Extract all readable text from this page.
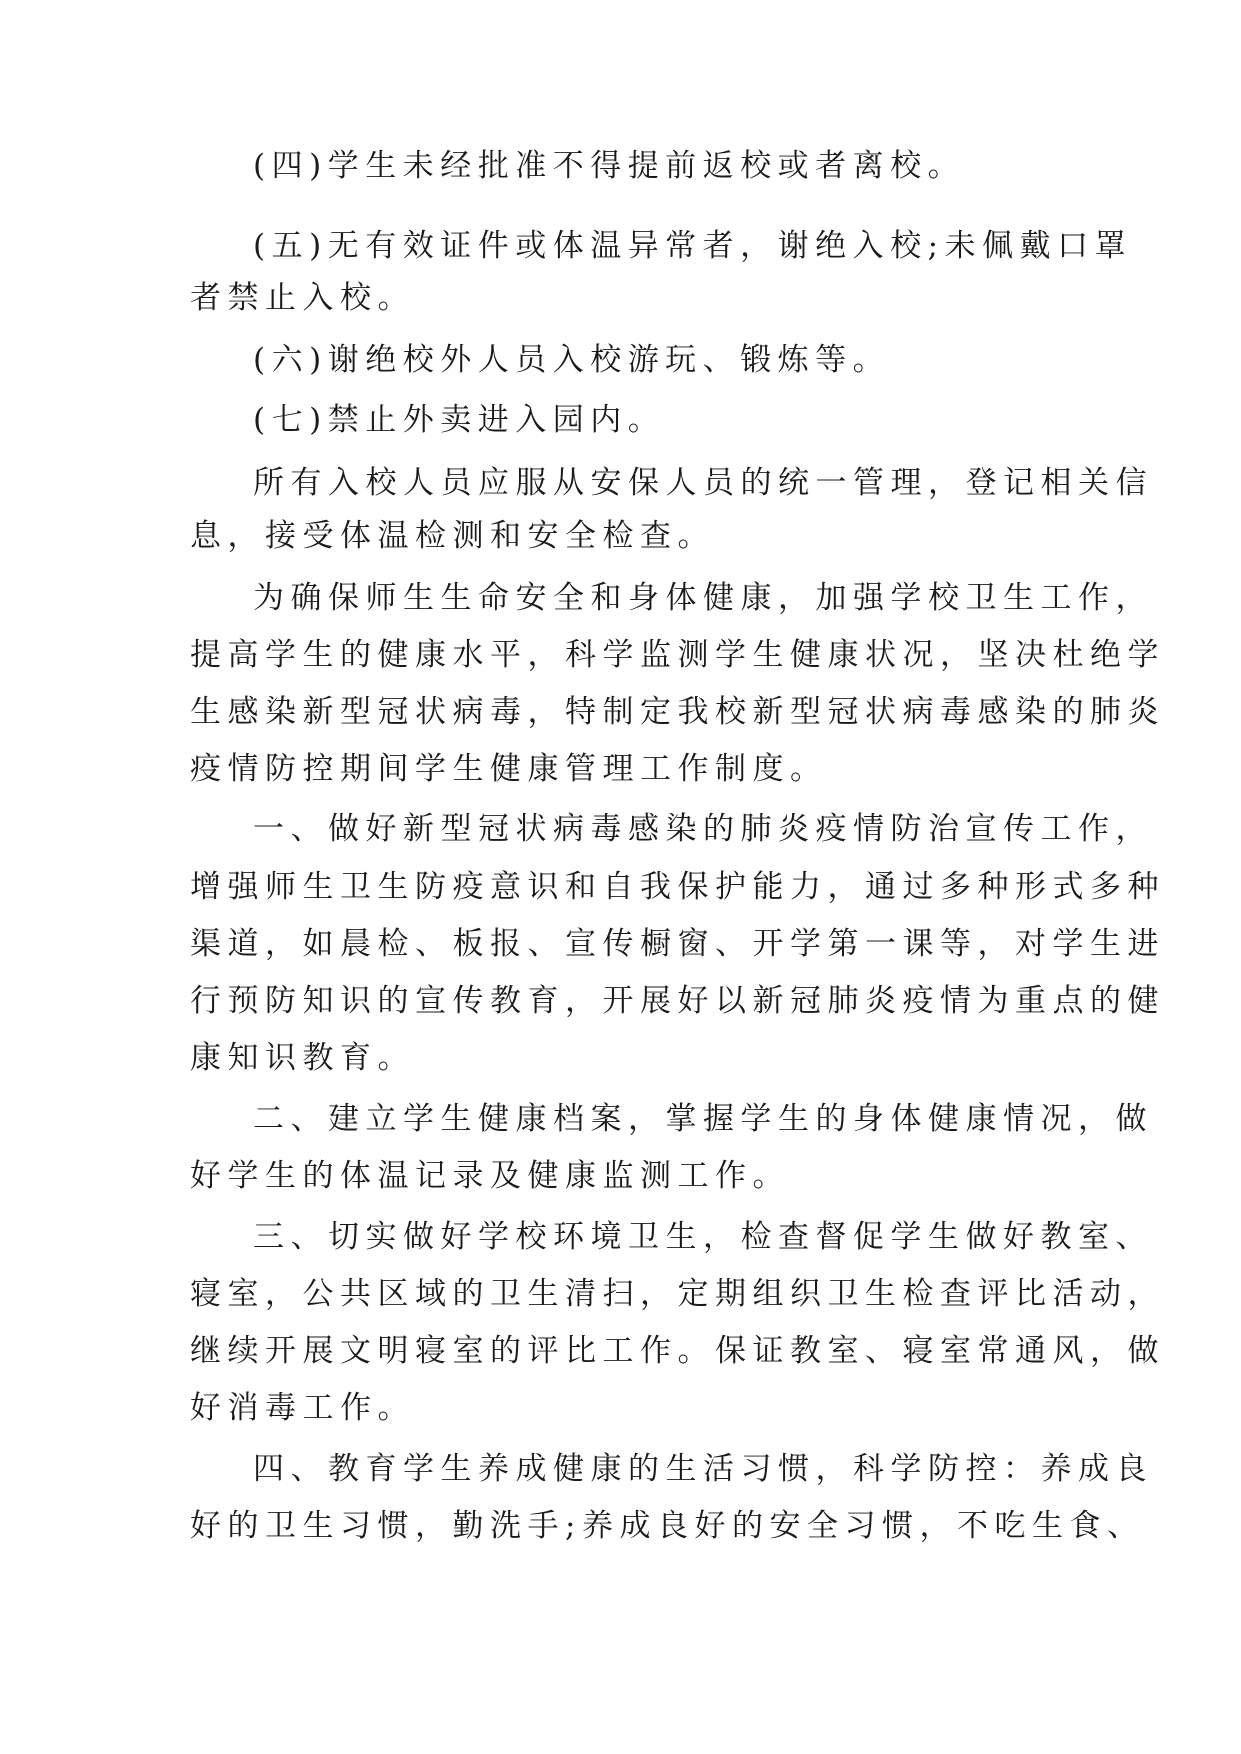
(四)学生未经批准不得提前返校或者离校。

(五)无有效证件或体温异常者，谢绝入校;未佩戴口罩

者禁止入校。

(六)谢绝校外人员入校游玩、锻炼等。

(七)禁止外卖进入园内。

所有入校人员应服从安保人员的统一管理，登记相关信

息，接受体温检测和安全检查。

为确保师生生命安全和身体健康，加强学校卫生工作，

提高学生的健康水平，科学监测学生健康状况，坚决杜绝学

生感染新型冠状病毒，特制定我校新型冠状病毒感染的肺炎

疫情防控期间学生健康管理工作制度。

一、做好新型冠状病毒感染的肺炎疫情防治宣传工作，

增强师生卫生防疫意识和自我保护能力，通过多种形式多种

渠道，如晨检、板报、宣传橱窗、开学第一课等，对学生进

行预防知识的宣传教育，开展好以新冠肺炎疫情为重点的健

康知识教育。

二、建立学生健康档案，掌握学生的身体健康情况，做

好学生的体温记录及健康监测工作。

三、切实做好学校环境卫生，检查督促学生做好教室、

寝室，公共区域的卫生清扫，定期组织卫生检查评比活动，

继续开展文明寝室的评比工作。保证教室、寝室常通风，做

好消毒工作。

四、教育学生养成健康的生活习惯，科学防控：养成良

好的卫生习惯，勤洗手;养成良好的安全习惯，不吃生食、
